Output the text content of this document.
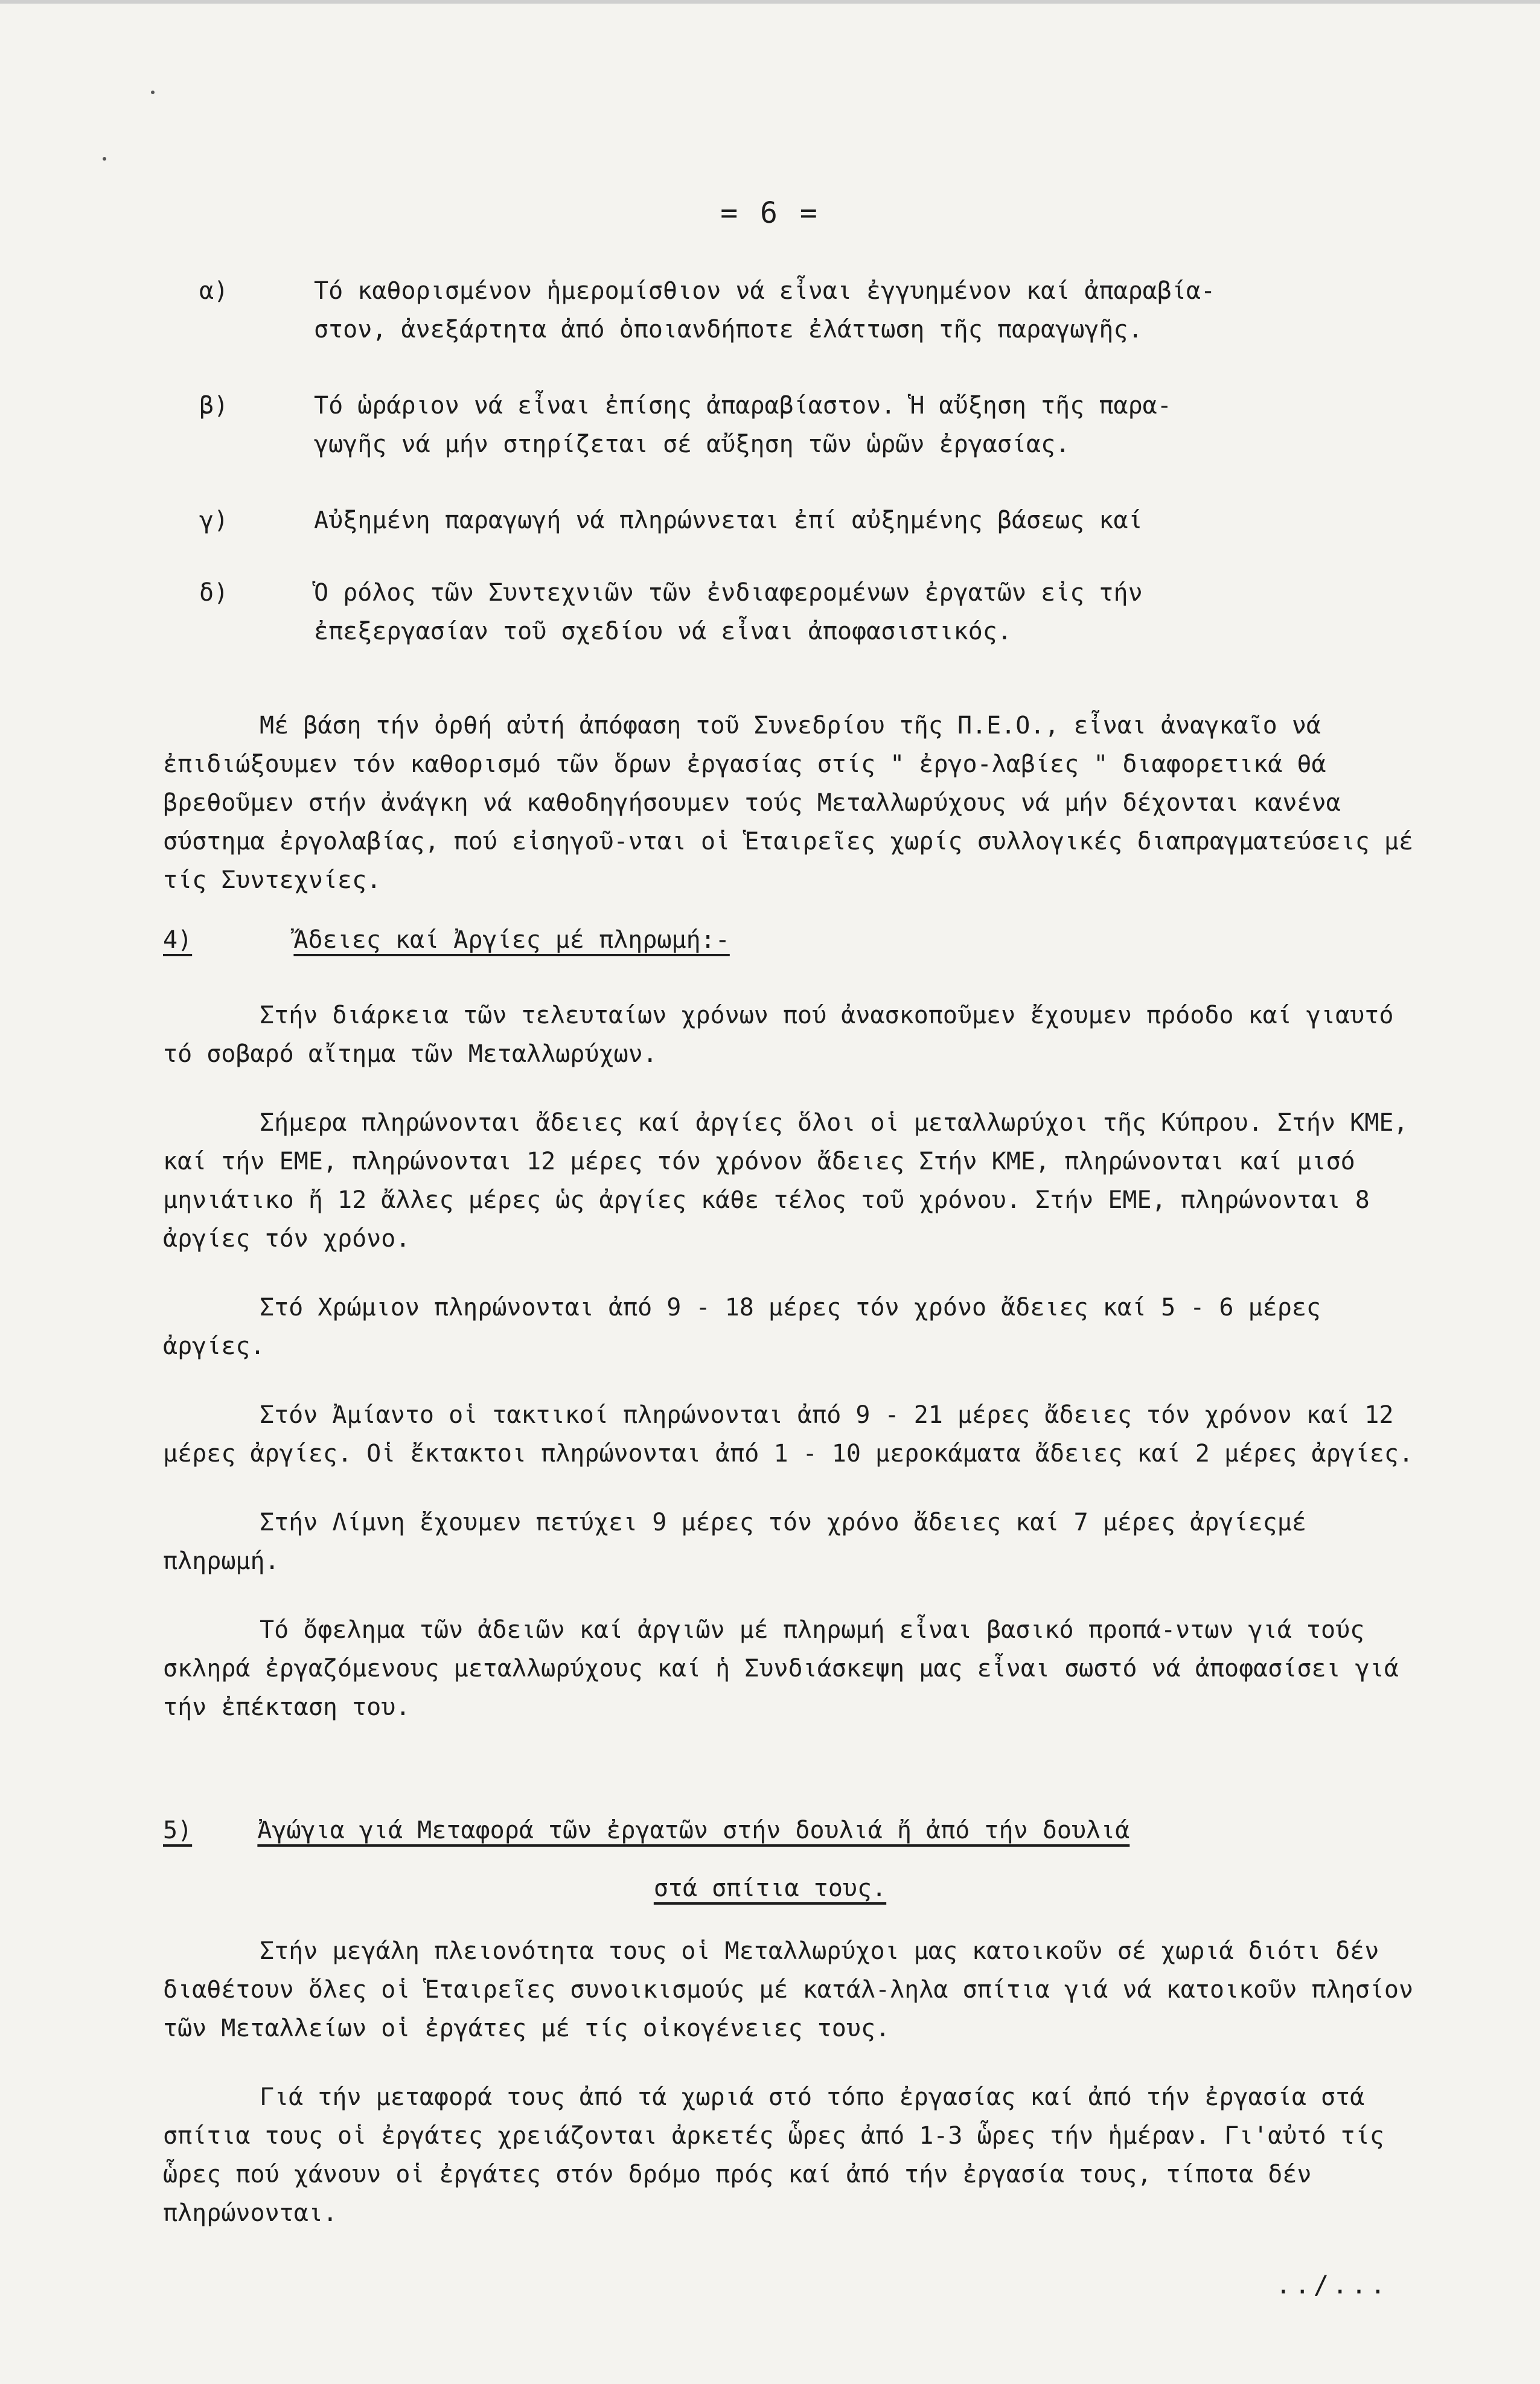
= 6 =
α)	Τό καθορισμένον ἡμερομίσθιον νά εἶναι ἐγγυημένον καί ἀπαραβία-
στον, ἀνεξάρτητα ἀπό ὁποιανδήποτε ἐλάττωση τῆς παραγωγῆς.
β)	Τό ὡράριον νά εἶναι ἐπίσης ἀπαραβίαστον. Ἡ αὔξηση τῆς παρα-
γωγῆς νά μήν στηρίζεται σέ αὔξηση τῶν ὡρῶν ἐργασίας.
γ)	Αὐξημένη παραγωγή νά πληρώννεται ἐπί αὐξημένης βάσεως καί
δ)	Ὁ ρόλος τῶν Συντεχνιῶν τῶν ἐνδιαφερομένων ἐργατῶν εἰς τήν
ἐπεξεργασίαν τοῦ σχεδίου νά εἶναι ἀποφασιστικός.

Μέ βάση τήν ὀρθή αὐτή ἀπόφαση τοῦ Συνεδρίου τῆς Π.Ε.Ο., εἶναι ἀναγκαῖο νά ἐπιδιώξουμεν τόν καθορισμό τῶν ὅρων ἐργασίας στίς " ἐργο-λαβίες " διαφορετικά θά βρεθοῦμεν στήν ἀνάγκη νά καθοδηγήσουμεν τούς Μεταλλωρύχους νά μήν δέχονται κανένα σύστημα ἐργολαβίας, πού εἰσηγοῦ-νται οἱ Ἑταιρεῖες χωρίς συλλογικές διαπραγματεύσεις μέ τίς Συντεχνίες.

4)	Ἄδειες καί Ἀργίες μέ πληρωμή:-

Στήν διάρκεια τῶν τελευταίων χρόνων πού ἀνασκοποῦμεν ἔχουμεν πρόοδο καί γιαυτό τό σοβαρό αἴτημα τῶν Μεταλλωρύχων.

Σήμερα πληρώνονται ἄδειες καί ἀργίες ὅλοι οἱ μεταλλωρύχοι τῆς Κύπρου. Στήν ΚΜΕ, καί τήν ΕΜΕ, πληρώνονται 12 μέρες τόν χρόνον ἄδειες Στήν ΚΜΕ, πληρώνονται καί μισό μηνιάτικο ἤ 12 ἄλλες μέρες ὡς ἀργίες κάθε τέλος τοῦ χρόνου. Στήν ΕΜΕ, πληρώνονται 8 ἀργίες τόν χρόνο.

Στό Χρώμιον πληρώνονται ἀπό 9 - 18 μέρες τόν χρόνο ἄδειες καί 5 - 6 μέρες ἀργίες.

Στόν Ἀμίαντο οἱ τακτικοί πληρώνονται ἀπό 9 - 21 μέρες ἄδειες τόν χρόνον καί 12 μέρες ἀργίες. Οἱ ἔκτακτοι πληρώνονται ἀπό 1 - 10 μεροκάματα ἄδειες καί 2 μέρες ἀργίες.

Στήν Λίμνη ἔχουμεν πετύχει 9 μέρες τόν χρόνο ἄδειες καί 7 μέρες ἀργίεςμέ πληρωμή.

Τό ὄφελημα τῶν ἀδειῶν καί ἀργιῶν μέ πληρωμή εἶναι βασικό προπά-ντων γιά τούς σκληρά ἐργαζόμενους μεταλλωρύχους καί ἡ Συνδιάσκεψη μας εἶναι σωστό νά ἀποφασίσει γιά τήν ἐπέκταση του.

5)	Ἀγώγια γιά Μεταφορά τῶν ἐργατῶν στήν δουλιά ἤ ἀπό τήν δουλιά
στά σπίτια τους.

Στήν μεγάλη πλειονότητα τους οἱ Μεταλλωρύχοι μας κατοικοῦν σέ χωριά διότι δέν διαθέτουν ὅλες οἱ Ἑταιρεῖες συνοικισμούς μέ κατάλ-ληλα σπίτια γιά νά κατοικοῦν πλησίον τῶν Μεταλλείων οἱ ἐργάτες μέ τίς οἰκογένειες τους.

Γιά τήν μεταφορά τους ἀπό τά χωριά στό τόπο ἐργασίας καί ἀπό τήν ἐργασία στά σπίτια τους οἱ ἐργάτες χρειάζονται ἀρκετές ὧρες ἀπό 1-3 ὧρες τήν ἡμέραν. Γι'αὐτό τίς ὧρες πού χάνουν οἱ ἐργάτες στόν δρόμο πρός καί ἀπό τήν ἐργασία τους, τίποτα δέν πληρώνονται.

../...
